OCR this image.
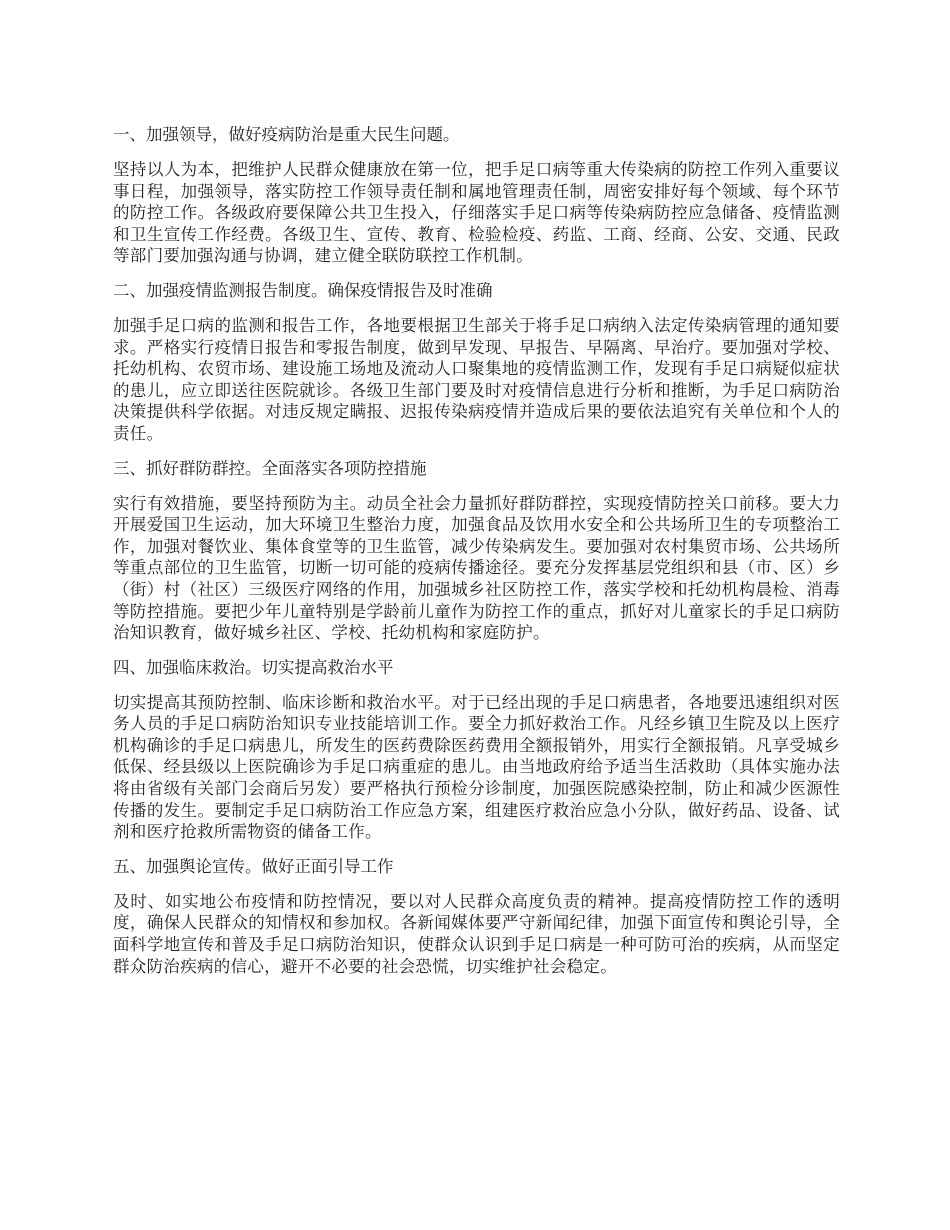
一、加强领导，做好疫病防治是重大民生问题。

坚持以人为本，把维护人民群众健康放在第一位，把手足口病等重大传染病的防控工作列入重要议事日程，加强领导，落实防控工作领导责任制和属地管理责任制，周密安排好每个领域、每个环节的防控工作。各级政府要保障公共卫生投入，仔细落实手足口病等传染病防控应急储备、疫情监测和卫生宣传工作经费。各级卫生、宣传、教育、检验检疫、药监、工商、经商、公安、交通、民政等部门要加强沟通与协调，建立健全联防联控工作机制。

二、加强疫情监测报告制度。确保疫情报告及时准确

加强手足口病的监测和报告工作，各地要根据卫生部关于将手足口病纳入法定传染病管理的通知要求。严格实行疫情日报告和零报告制度，做到早发现、早报告、早隔离、早治疗。要加强对学校、托幼机构、农贸市场、建设施工场地及流动人口聚集地的疫情监测工作，发现有手足口病疑似症状的患儿，应立即送往医院就诊。各级卫生部门要及时对疫情信息进行分析和推断，为手足口病防治决策提供科学依据。对违反规定瞒报、迟报传染病疫情并造成后果的要依法追究有关单位和个人的责任。

三、抓好群防群控。全面落实各项防控措施

实行有效措施，要坚持预防为主。动员全社会力量抓好群防群控，实现疫情防控关口前移。要大力开展爱国卫生运动，加大环境卫生整治力度，加强食品及饮用水安全和公共场所卫生的专项整治工作，加强对餐饮业、集体食堂等的卫生监管，减少传染病发生。要加强对农村集贸市场、公共场所等重点部位的卫生监管，切断一切可能的疫病传播途径。要充分发挥基层党组织和县（市、区）乡（街）村（社区）三级医疗网络的作用，加强城乡社区防控工作，落实学校和托幼机构晨检、消毒等防控措施。要把少年儿童特别是学龄前儿童作为防控工作的重点，抓好对儿童家长的手足口病防治知识教育，做好城乡社区、学校、托幼机构和家庭防护。

四、加强临床救治。切实提高救治水平

切实提高其预防控制、临床诊断和救治水平。对于已经出现的手足口病患者，各地要迅速组织对医务人员的手足口病防治知识专业技能培训工作。要全力抓好救治工作。凡经乡镇卫生院及以上医疗机构确诊的手足口病患儿，所发生的医药费除医药费用全额报销外，用实行全额报销。凡享受城乡低保、经县级以上医院确诊为手足口病重症的患儿。由当地政府给予适当生活救助（具体实施办法将由省级有关部门会商后另发）要严格执行预检分诊制度，加强医院感染控制，防止和减少医源性传播的发生。要制定手足口病防治工作应急方案，组建医疗救治应急小分队，做好药品、设备、试剂和医疗抢救所需物资的储备工作。

五、加强舆论宣传。做好正面引导工作

及时、如实地公布疫情和防控情况，要以对人民群众高度负责的精神。提高疫情防控工作的透明度，确保人民群众的知情权和参加权。各新闻媒体要严守新闻纪律，加强下面宣传和舆论引导，全面科学地宣传和普及手足口病防治知识，使群众认识到手足口病是一种可防可治的疾病，从而坚定群众防治疾病的信心，避开不必要的社会恐慌，切实维护社会稳定。
